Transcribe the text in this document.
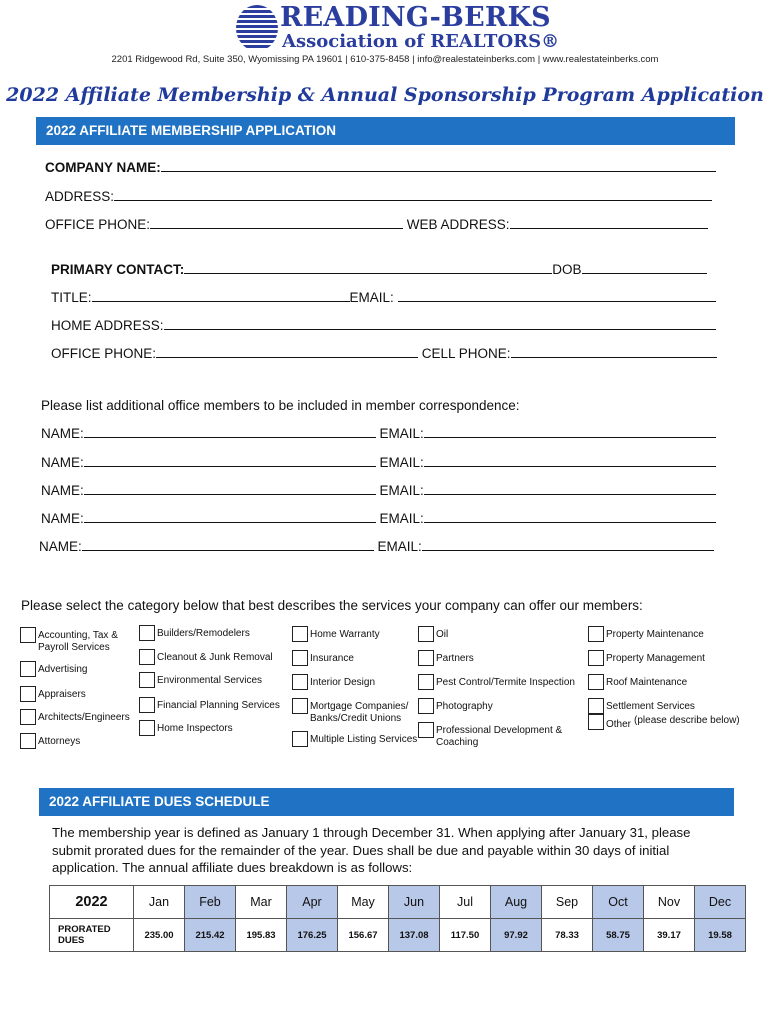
READING-BERKS
Association of REALTORS®
2201 Ridgewood Rd, Suite 350, Wyomissing PA 19601 | 610-375-8458 | info@realestateinberks.com | www.realestateinberks.com
2022 Affiliate Membership & Annual Sponsorship Program Application
2022 AFFILIATE MEMBERSHIP APPLICATION
COMPANY NAME:
ADDRESS:
OFFICE PHONE:	WEB ADDRESS:
PRIMARY CONTACT:	DOB
TITLE:	EMAIL:
HOME ADDRESS:
OFFICE PHONE:	CELL PHONE:
Please list additional office members to be included in member correspondence:
NAME:	EMAIL:
NAME:	EMAIL:
NAME:	EMAIL:
NAME:	EMAIL:
NAME:	EMAIL:
Please select the category below that best describes the services your company can offer our members:
Accounting, Tax &
Payroll Services
Advertising
Appraisers
Architects/Engineers
Attorneys
Builders/Remodelers
Cleanout & Junk Removal
Environmental Services
Financial Planning Services
Home Inspectors
Home Warranty
Insurance
Interior Design
Mortgage Companies/
Banks/Credit Unions
Multiple Listing Services
Oil
Partners
Pest Control/Termite Inspection
Photography
Professional Development &
Coaching
Property Maintenance
Property Management
Roof Maintenance
Settlement Services
Other (please describe below)
2022 AFFILIATE DUES SCHEDULE
The membership year is defined as January 1 through December 31. When applying after January 31, please submit prorated dues for the remainder of the year. Dues shall be due and payable within 30 days of initial application. The annual affiliate dues breakdown is as follows:
2022	Jan	Feb	Mar	Apr	May	Jun	Jul	Aug	Sep	Oct	Nov	Dec
PRORATED
DUES	235.00	215.42	195.83	176.25	156.67	137.08	117.50	97.92	78.33	58.75	39.17	19.58
